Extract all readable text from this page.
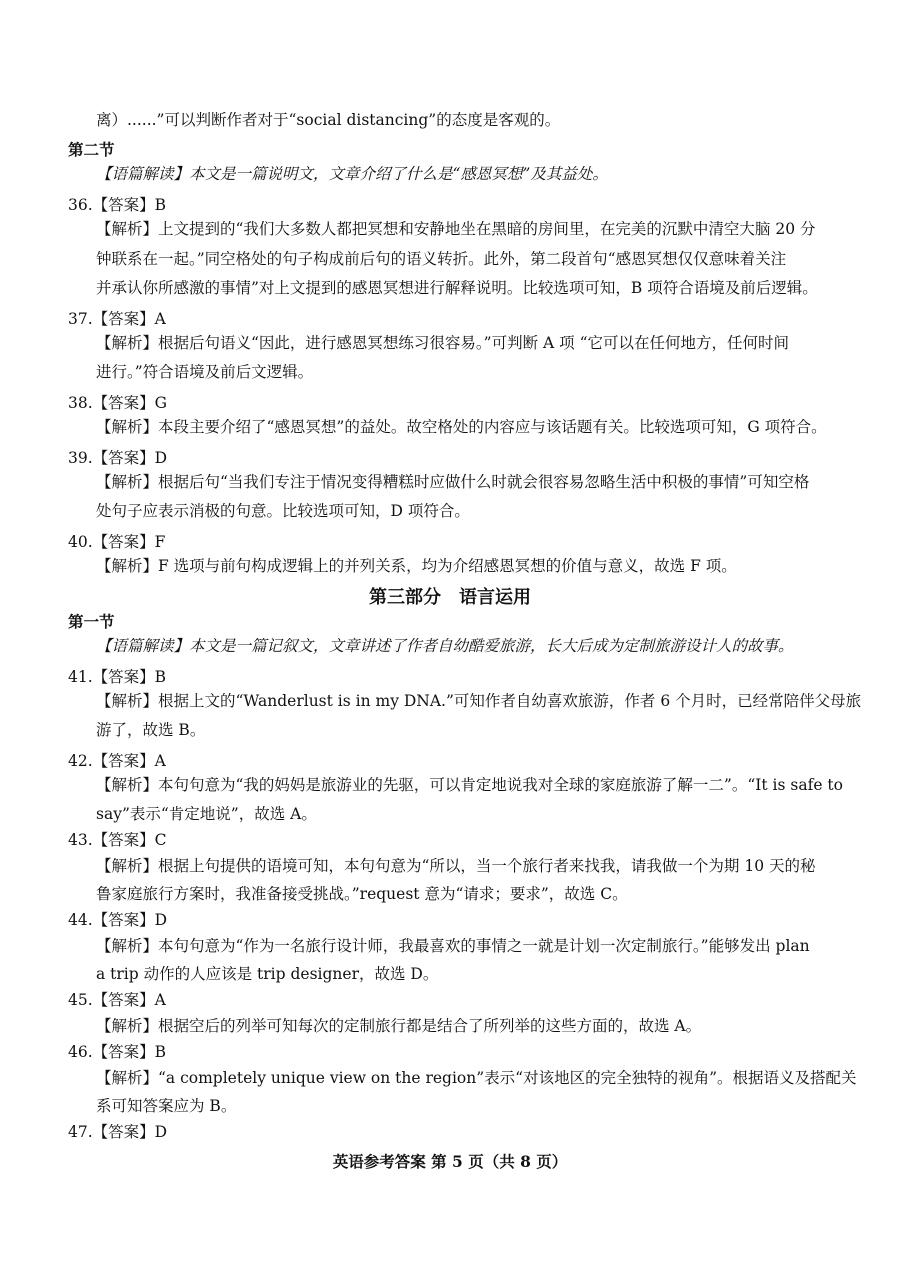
离）......”可以判断作者对于“social distancing”的态度是客观的。
第二节
【语篇解读】本文是一篇说明文，文章介绍了什么是“感恩冥想”及其益处。
36.【答案】B
【解析】上文提到的“我们大多数人都把冥想和安静地坐在黑暗的房间里，在完美的沉默中清空大脑 20 分
钟联系在一起。”同空格处的句子构成前后句的语义转折。此外，第二段首句“感恩冥想仅仅意味着关注
并承认你所感激的事情”对上文提到的感恩冥想进行解释说明。比较选项可知，B 项符合语境及前后逻辑。
37.【答案】A
【解析】根据后句语义“因此，进行感恩冥想练习很容易。”可判断 A 项 “它可以在任何地方，任何时间
进行。”符合语境及前后文逻辑。
38.【答案】G
【解析】本段主要介绍了“感恩冥想”的益处。故空格处的内容应与该话题有关。比较选项可知，G 项符合。
39.【答案】D
【解析】根据后句“当我们专注于情况变得糟糕时应做什么时就会很容易忽略生活中积极的事情”可知空格
处句子应表示消极的句意。比较选项可知，D 项符合。
40.【答案】F
【解析】F 选项与前句构成逻辑上的并列关系，均为介绍感恩冥想的价值与意义，故选 F 项。
第三部分　语言运用
第一节
【语篇解读】本文是一篇记叙文，文章讲述了作者自幼酷爱旅游，长大后成为定制旅游设计人的故事。
41.【答案】B
【解析】根据上文的“Wanderlust is in my DNA.”可知作者自幼喜欢旅游，作者 6 个月时，已经常陪伴父母旅
游了，故选 B。
42.【答案】A
【解析】本句句意为“我的妈妈是旅游业的先驱，可以肯定地说我对全球的家庭旅游了解一二”。“It is safe to
say”表示“肯定地说”，故选 A。
43.【答案】C
【解析】根据上句提供的语境可知，本句句意为“所以，当一个旅行者来找我，请我做一个为期 10 天的秘
鲁家庭旅行方案时，我准备接受挑战。”request 意为“请求；要求”，故选 C。
44.【答案】D
【解析】本句句意为“作为一名旅行设计师，我最喜欢的事情之一就是计划一次定制旅行。”能够发出 plan
a trip 动作的人应该是 trip designer，故选 D。
45.【答案】A
【解析】根据空后的列举可知每次的定制旅行都是结合了所列举的这些方面的，故选 A。
46.【答案】B
【解析】“a completely unique view on the region”表示“对该地区的完全独特的视角”。根据语义及搭配关
系可知答案应为 B。
47.【答案】D
英语参考答案 第 5 页（共 8 页）
